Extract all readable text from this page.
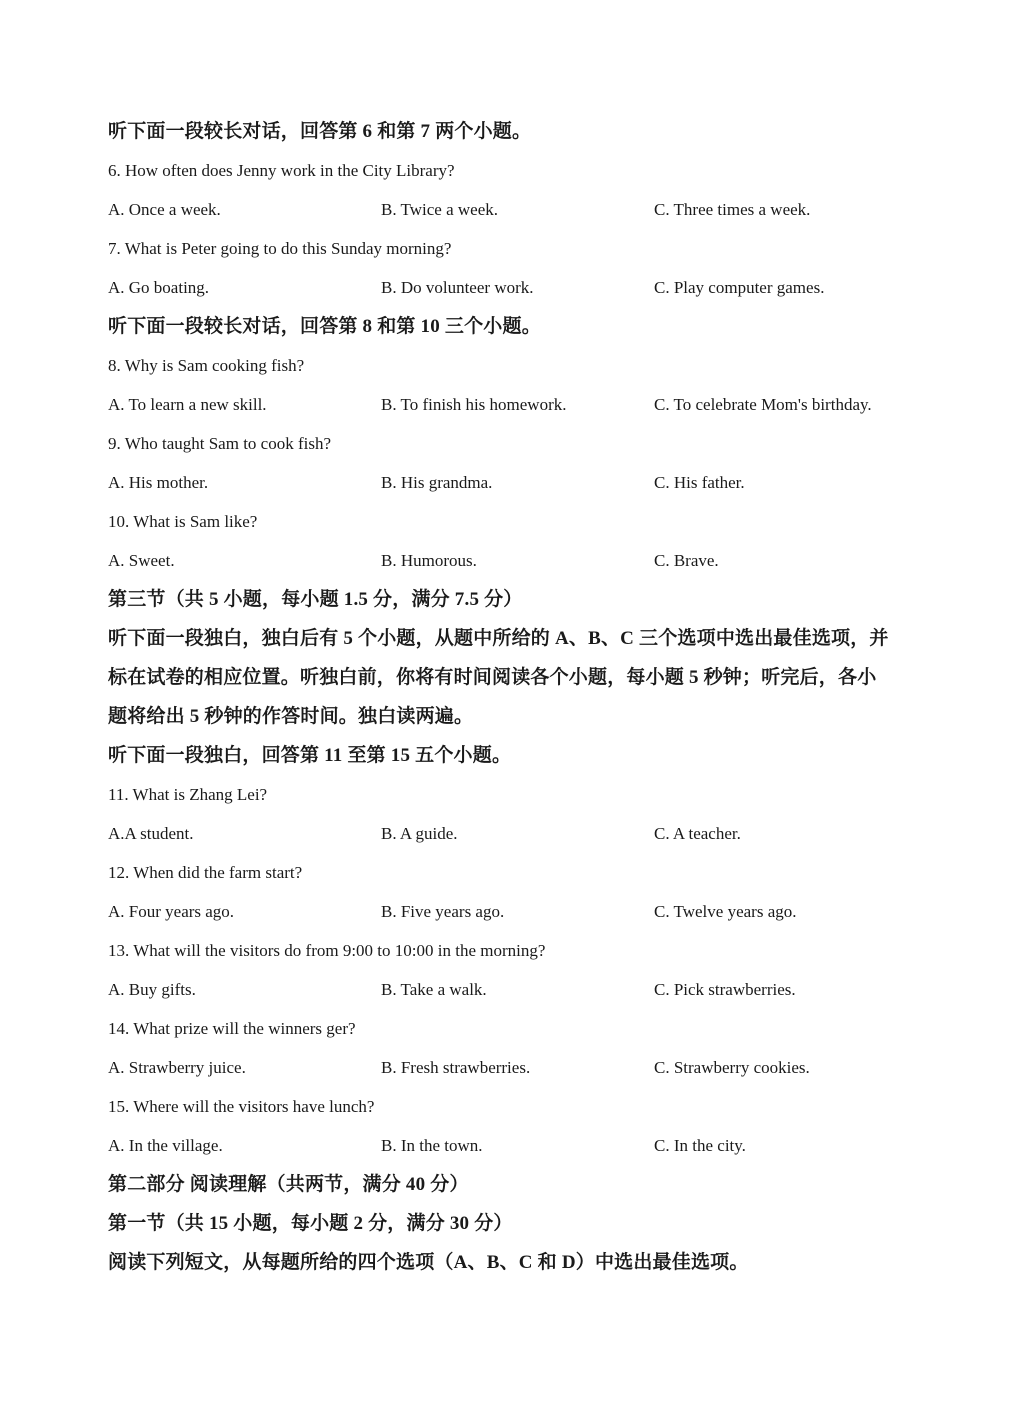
听下面一段较长对话，回答第 6 和第 7 两个小题。
6. How often does Jenny work in the City Library?
A. Once a week.	B. Twice a week.	C. Three times a week.
7. What is Peter going to do this Sunday morning?
A. Go boating.	B. Do volunteer work.	C. Play computer games.
听下面一段较长对话，回答第 8 和第 10 三个小题。
8. Why is Sam cooking fish?
A. To learn a new skill.	B. To finish his homework.	C. To celebrate Mom's birthday.
9. Who taught Sam to cook fish?
A. His mother.	B. His grandma.	C. His father.
10. What is Sam like?
A. Sweet.	B. Humorous.	C. Brave.
第三节（共 5 小题，每小题 1.5 分，满分 7.5 分）
听下面一段独白，独白后有 5 个小题，从题中所给的 A、B、C 三个选项中选出最佳选项，并
标在试卷的相应位置。听独白前，你将有时间阅读各个小题，每小题 5 秒钟；听完后，各小
题将给出 5 秒钟的作答时间。独白读两遍。
听下面一段独白，回答第 11 至第 15 五个小题。
11. What is Zhang Lei?
A.A student.	B. A guide.	C. A teacher.
12. When did the farm start?
A. Four years ago.	B. Five years ago.	C. Twelve years ago.
13. What will the visitors do from 9:00 to 10:00 in the morning?
A. Buy gifts.	B. Take a walk.	C. Pick strawberries.
14. What prize will the winners ger?
A. Strawberry juice.	B. Fresh strawberries.	C. Strawberry cookies.
15. Where will the visitors have lunch?
A. In the village.	B. In the town.	C. In the city.
第二部分 阅读理解（共两节，满分 40 分）
第一节（共 15 小题，每小题 2 分，满分 30 分）
阅读下列短文，从每题所给的四个选项（A、B、C 和 D）中选出最佳选项。
